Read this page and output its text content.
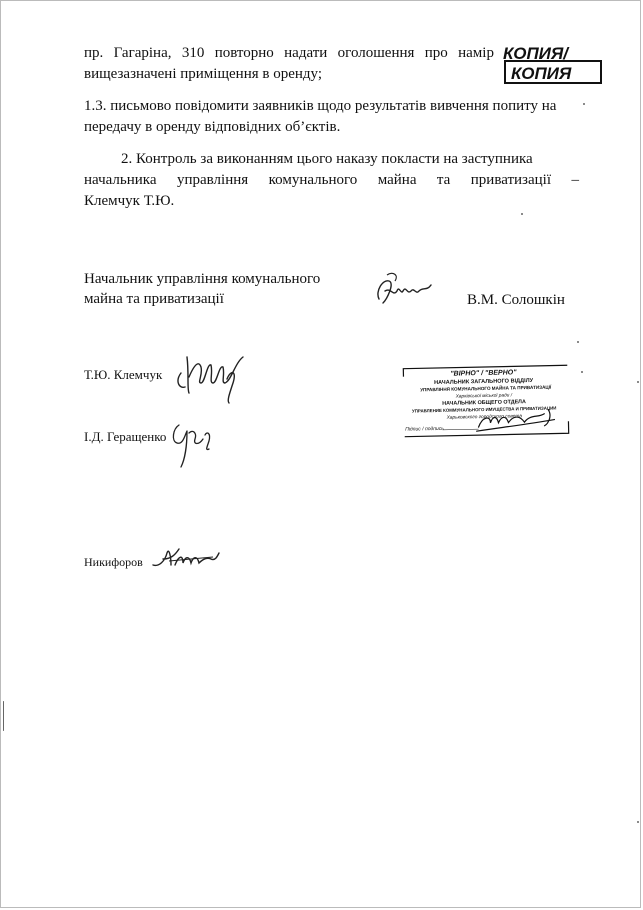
пр. Гагаріна, 310 повторно надати оголошення про намір
вищезазначені приміщення в оренду;
1.3. письмово повідомити заявників щодо результатів вивчення попиту на
передачу в оренду відповідних об’єктів.
2. Контроль за виконанням цього наказу покласти на заступника
начальника управління комунального майна та приватизації –
Клемчук Т.Ю.
Начальник управління комунального
майна та приватизації	В.М. Солошкін
Т.Ю. Клемчук
І.Д. Геращенко
Никифоров
КОПИЯ/
КОПИЯ
"ВІРНО" / "ВЕРНО"
НАЧАЛЬНИК ЗАГАЛЬНОГО ВІДДІЛУ
УПРАВЛІННЯ КОМУНАЛЬНОГО МАЙНА ТА ПРИВАТИЗАЦІЇ
Харківської міської ради /
НАЧАЛЬНИК ОБЩЕГО ОТДЕЛА
УПРАВЛЕНИЕ КОММУНАЛЬНОГО ИМУЩЕСТВА И ПРИВАТИЗАЦИИ
Харьковского городского совета
Підпис / подпись
